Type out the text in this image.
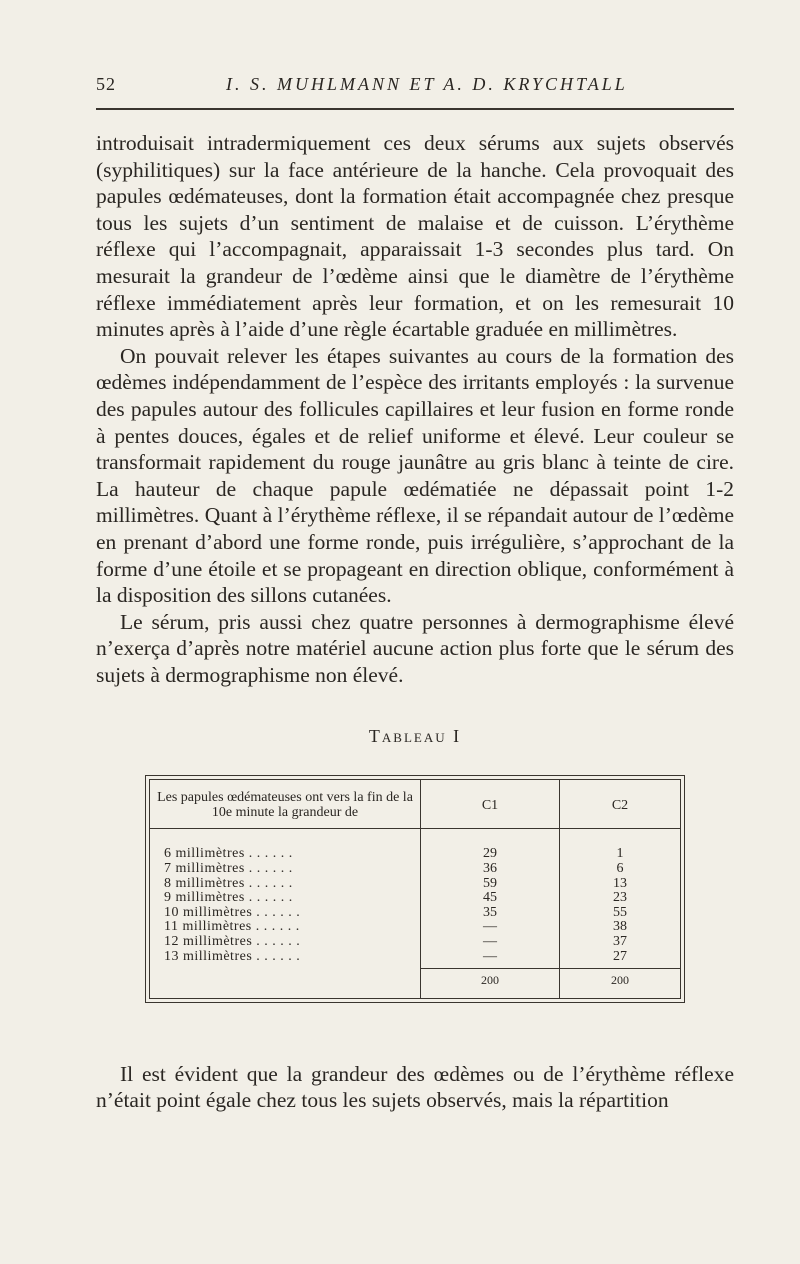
52	I. S. MUHLMANN ET A. D. KRYCHTALL

introduisait intradermiquement ces deux sérums aux sujets observés (syphilitiques) sur la face antérieure de la hanche. Cela provoquait des papules œdémateuses, dont la formation était accompagnée chez presque tous les sujets d’un sentiment de malaise et de cuisson. L’érythème réflexe qui l’accompagnait, apparaissait 1-3 secondes plus tard. On mesurait la grandeur de l’œdème ainsi que le diamètre de l’érythème réflexe immédiatement après leur formation, et on les remesurait 10 minutes après à l’aide d’une règle écartable graduée en millimètres.

On pouvait relever les étapes suivantes au cours de la formation des œdèmes indépendamment de l’espèce des irritants employés : la survenue des papules autour des follicules capillaires et leur fusion en forme ronde à pentes douces, égales et de relief uniforme et élevé. Leur couleur se transformait rapidement du rouge jaunâtre au gris blanc à teinte de cire. La hauteur de chaque papule œdématiée ne dépassait point 1-2 millimètres. Quant à l’érythème réflexe, il se répandait autour de l’œdème en prenant d’abord une forme ronde, puis irrégulière, s’approchant de la forme d’une étoile et se propageant en direction oblique, conformément à la disposition des sillons cutanées.

Le sérum, pris aussi chez quatre personnes à dermographisme élevé n’exerça d’après notre matériel aucune action plus forte que le sérum des sujets à dermographisme non élevé.

Tableau I
Les papules œdémateuses ont vers la fin de la 10e minute la grandeur de	C1	C2
6 millimètres . . . . . .	29	1
7 millimètres . . . . . .	36	6
8 millimètres . . . . . .	59	13
9 millimètres . . . . . .	45	23
10 millimètres . . . . . .	35	55
11 millimètres . . . . . .	—	38
12 millimètres . . . . . .	—	37
13 millimètres . . . . . .	—	27
	200	200

Il est évident que la grandeur des œdèmes ou de l’érythème réflexe n’était point égale chez tous les sujets observés, mais la répartition
